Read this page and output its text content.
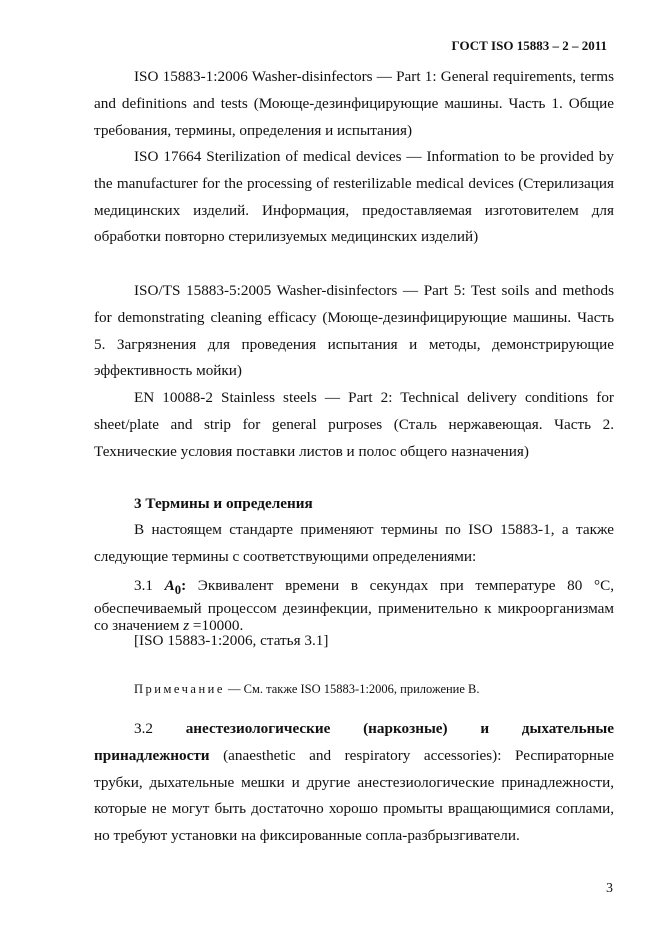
ГОСТ ISO 15883 – 2 – 2011

ISO 15883-1:2006 Washer-disinfectors — Part 1: General requirements, terms and definitions and tests (Моюще-дезинфицирующие машины. Часть 1. Общие требования, термины, определения и испытания)

ISO 17664 Sterilization of medical devices — Information to be provided by the manufacturer for the processing of resterilizable medical devices (Стерилизация медицинских изделий. Информация, предоставляемая изготовителем для обработки повторно стерилизуемых медицинских изделий)

ISO/TS 15883-5:2005 Washer-disinfectors — Part 5: Test soils and methods for demonstrating cleaning efficacy (Моюще-дезинфицирующие машины. Часть 5. Загрязнения для проведения испытания и методы, демонстрирующие эффективность мойки)

EN 10088-2 Stainless steels — Part 2: Technical delivery conditions for sheet/plate and strip for general purposes (Сталь нержавеющая. Часть 2. Технические условия поставки листов и полос общего назначения)

3 Термины и определения

В настоящем стандарте применяют термины по ISO 15883-1, а также следующие термины с соответствующими определениями:

3.1 $A_0$: Эквивалент времени в секундах при температуре 80 °С, обеспечиваемый процессом дезинфекции, применительно к микроорганизмам со значением z =10000.

[ISO 15883-1:2006, статья 3.1]

Примечание — См. также ISO 15883-1:2006, приложение В.

3.2 анестезиологические (наркозные) и дыхательные принадлежности (anaesthetic and respiratory accessories): Респираторные трубки, дыхательные мешки и другие анестезиологические принадлежности, которые не могут быть достаточно хорошо промыты вращающимися соплами, но требуют установки на фиксированные сопла-разбрызгиватели.

3
